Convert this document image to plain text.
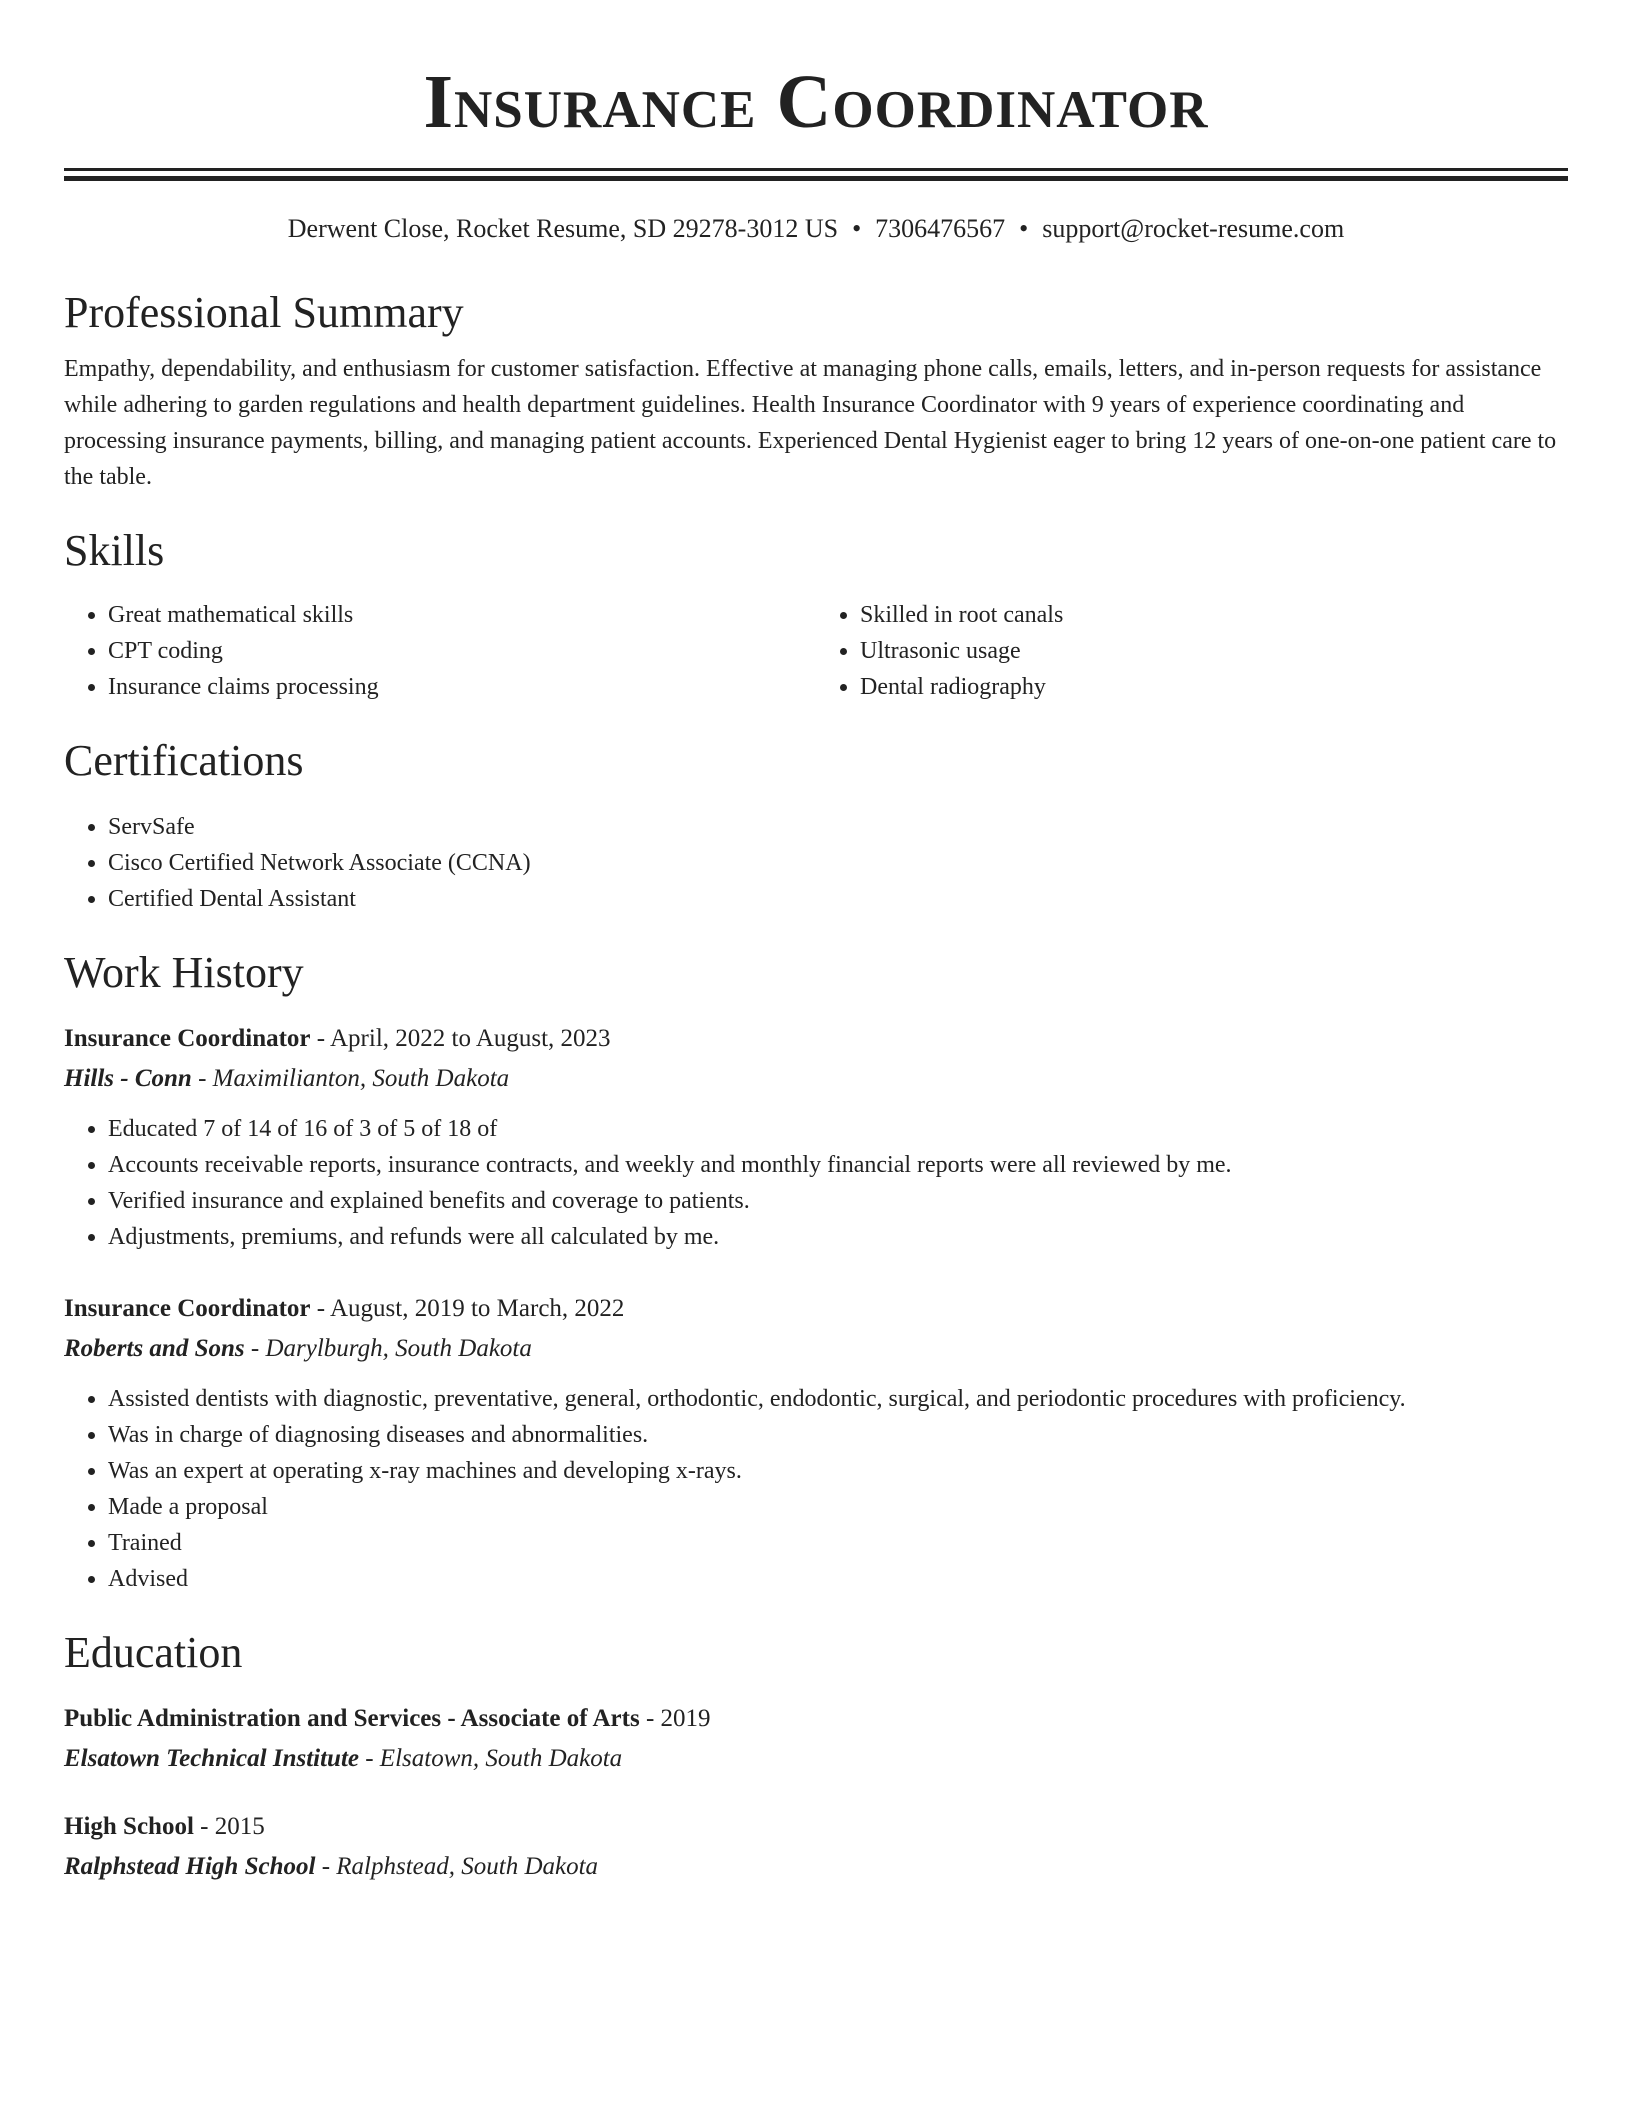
Insurance Coordinator
Derwent Close, Rocket Resume, SD 29278-3012 US • 7306476567 • support@rocket-resume.com
Professional Summary

Empathy, dependability, and enthusiasm for customer satisfaction. Effective at managing phone calls, emails, letters, and in-person requests for assistance while adhering to garden regulations and health department guidelines. Health Insurance Coordinator with 9 years of experience coordinating and processing insurance payments, billing, and managing patient accounts. Experienced Dental Hygienist eager to bring 12 years of one-on-one patient care to the table.

Skills
• Great mathematical skills
• CPT coding
• Insurance claims processing
• Skilled in root canals
• Ultrasonic usage
• Dental radiography
Certifications
• ServSafe
• Cisco Certified Network Associate (CCNA)
• Certified Dental Assistant
Work History
Insurance Coordinator - April, 2022 to August, 2023
Hills - Conn - Maximilianton, South Dakota
• Educated 7 of 14 of 16 of 3 of 5 of 18 of
• Accounts receivable reports, insurance contracts, and weekly and monthly financial reports were all reviewed by me.
• Verified insurance and explained benefits and coverage to patients.
• Adjustments, premiums, and refunds were all calculated by me.
Insurance Coordinator - August, 2019 to March, 2022
Roberts and Sons - Darylburgh, South Dakota
• Assisted dentists with diagnostic, preventative, general, orthodontic, endodontic, surgical, and periodontic procedures with proficiency.
• Was in charge of diagnosing diseases and abnormalities.
• Was an expert at operating x-ray machines and developing x-rays.
• Made a proposal
• Trained
• Advised
Education
Public Administration and Services - Associate of Arts - 2019
Elsatown Technical Institute - Elsatown, South Dakota
High School - 2015
Ralphstead High School - Ralphstead, South Dakota
